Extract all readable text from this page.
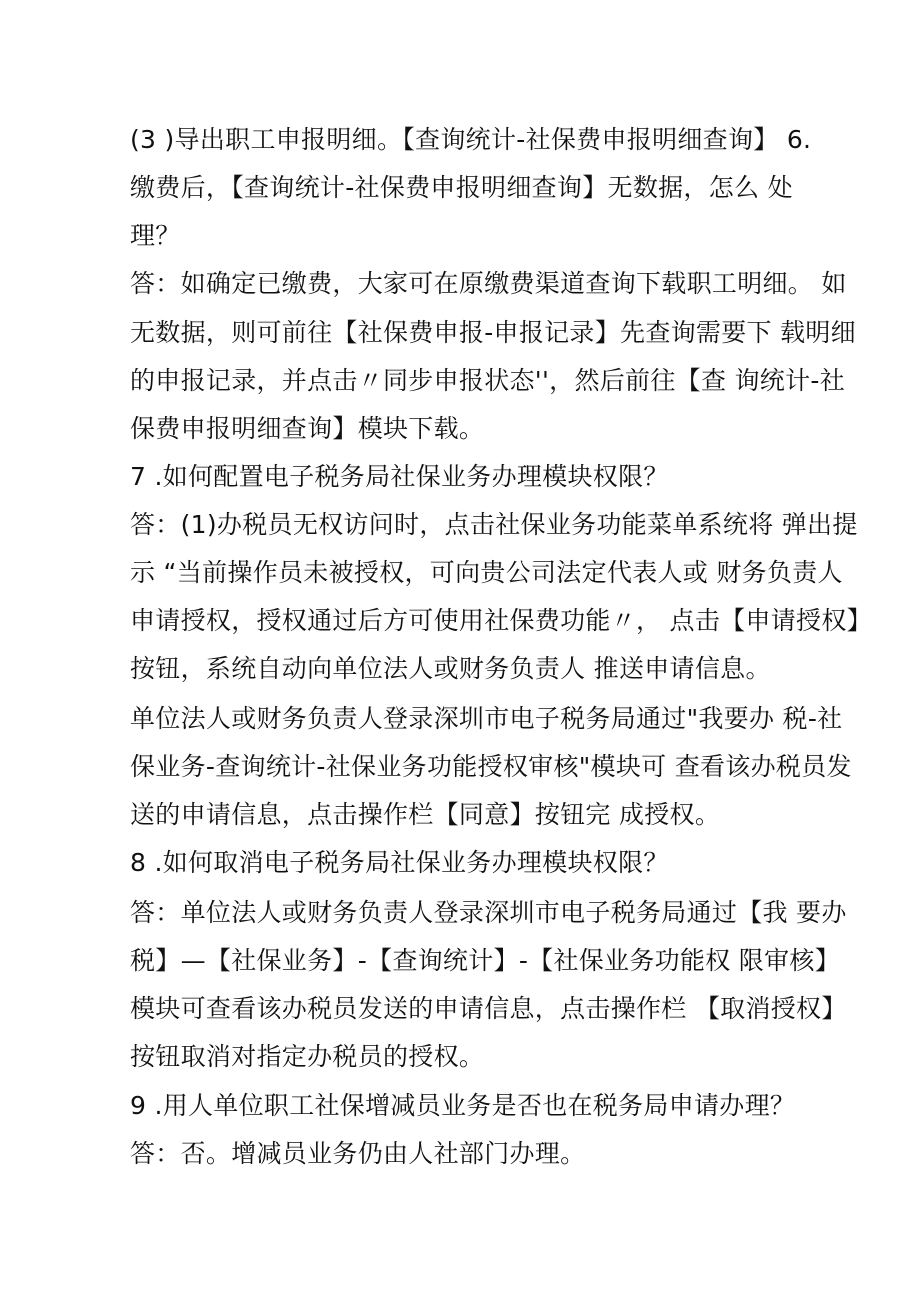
(3 )导出职工申报明细。【查询统计-社保费申报明细查询】 6.
缴费后，【查询统计-社保费申报明细查询】无数据，怎么 处
理？
答：如确定已缴费，大家可在原缴费渠道查询下载职工明细。 如
无数据，则可前往【社保费申报-申报记录】先查询需要下 载明细
的申报记录，并点击〃同步申报状态''，然后前往【查 询统计-社
保费申报明细查询】模块下载。
7 .如何配置电子税务局社保业务办理模块权限？
答：(1)办税员无权访问时，点击社保业务功能菜单系统将 弹出提
示 “当前操作员未被授权，可向贵公司法定代表人或 财务负责人
申请授权，授权通过后方可使用社保费功能〃， 点击【申请授权】
按钮，系统自动向单位法人或财务负责人 推送申请信息。
单位法人或财务负责人登录深圳市电子税务局通过"我要办 税-社
保业务-查询统计-社保业务功能授权审核"模块可 查看该办税员发
送的申请信息，点击操作栏【同意】按钮完 成授权。
8 .如何取消电子税务局社保业务办理模块权限？
答：单位法人或财务负责人登录深圳市电子税务局通过【我 要办
税】—【社保业务】-【查询统计】-【社保业务功能权 限审核】
模块可查看该办税员发送的申请信息，点击操作栏 【取消授权】
按钮取消对指定办税员的授权。
9 .用人单位职工社保增减员业务是否也在税务局申请办理？
答：否。增减员业务仍由人社部门办理。
